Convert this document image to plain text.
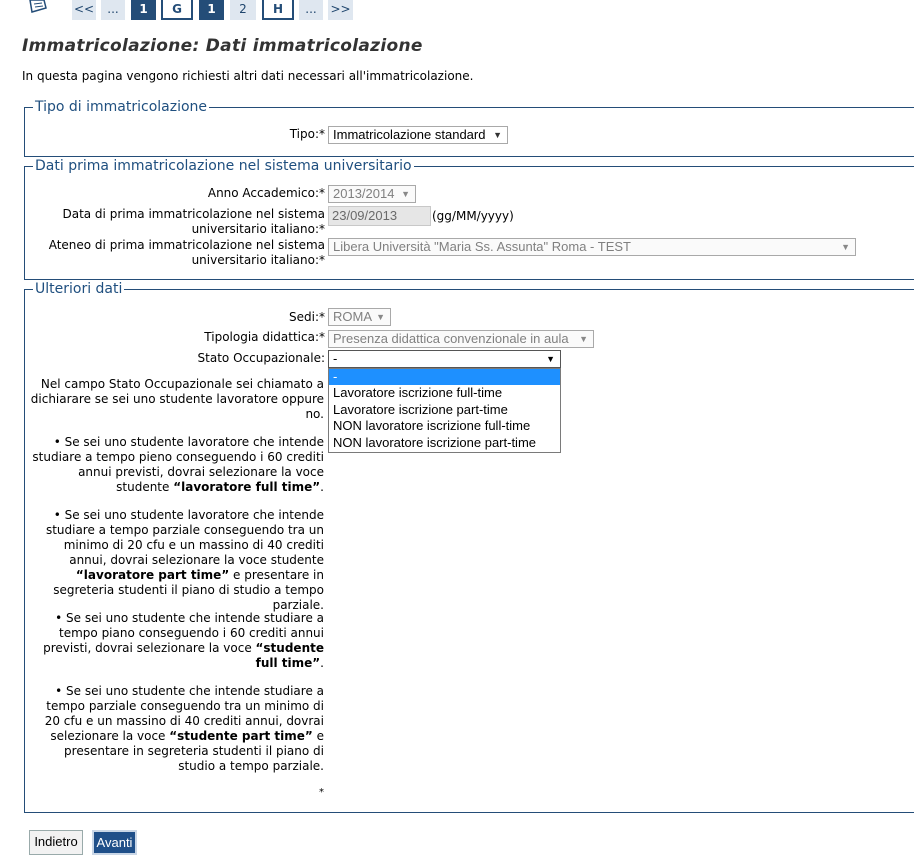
<<	...	1	G	1	2	H	...	>>
Immatricolazione: Dati immatricolazione
In questa pagina vengono richiesti altri dati necessari all'immatricolazione.
Tipo di immatricolazione
Tipo:* Immatricolazione standard ▼
Dati prima immatricolazione nel sistema universitario
Anno Accademico:* 2013/2014 ▼
Data di prima immatricolazione nel sistema
universitario italiano:*
23/09/2013	(gg/MM/yyyy)
Ateneo di prima immatricolazione nel sistema
universitario italiano:*
Libera Università "Maria Ss. Assunta" Roma - TEST	▼
Ulteriori dati
Sedi:* ROMA ▼
Tipologia didattica:* Presenza didattica convenzionale in aula ▼
Stato Occupazionale: -	▼
-
Lavoratore iscrizione full-time
Lavoratore iscrizione part-time
NON lavoratore iscrizione full-time
NON lavoratore iscrizione part-time
Nel campo Stato Occupazionale sei chiamato a dichiarare se sei uno studente lavoratore oppure no.
• Se sei uno studente lavoratore che intende studiare a tempo pieno conseguendo i 60 crediti annui previsti, dovrai selezionare la voce studente “lavoratore full time”.
• Se sei uno studente lavoratore che intende studiare a tempo parziale conseguendo tra un minimo di 20 cfu e un massino di 40 crediti annui, dovrai selezionare la voce studente “lavoratore part time” e presentare in segreteria studenti il piano di studio a tempo parziale.
• Se sei uno studente che intende studiare a tempo piano conseguendo i 60 crediti annui previsti, dovrai selezionare la voce “studente full time”.
• Se sei uno studente che intende studiare a tempo parziale conseguendo tra un minimo di 20 cfu e un massino di 40 crediti annui, dovrai selezionare la voce “studente part time” e presentare in segreteria studenti il piano di studio a tempo parziale.
*
Indietro	Avanti
